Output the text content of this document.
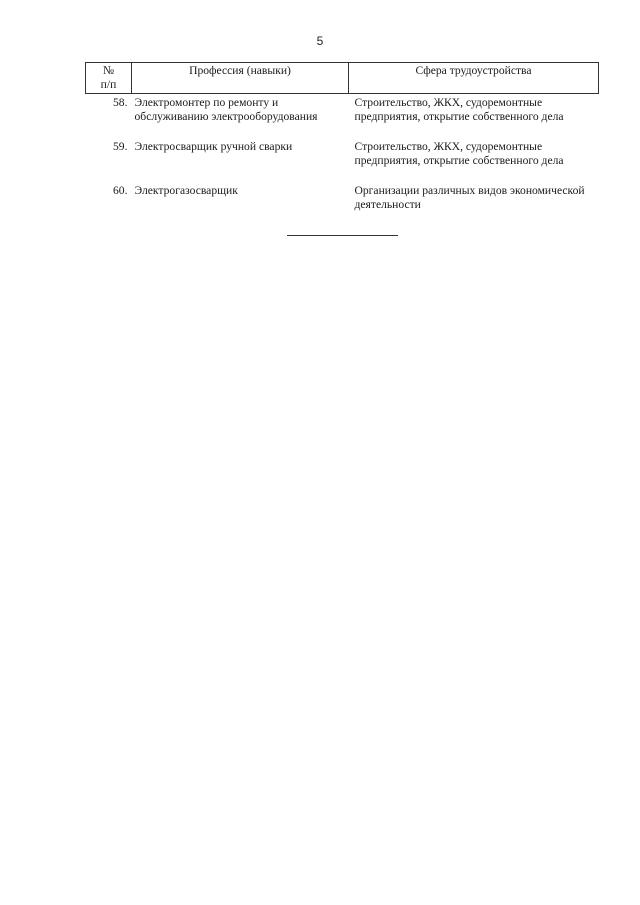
5
№
п/п	Профессия (навыки)	Сфера трудоустройства
58.	Электромонтер по ремонту и обслуживанию электрооборудования	Строительство, ЖКХ, судоремонтные предприятия, открытие собственного дела
59.	Электросварщик ручной сварки	Строительство, ЖКХ, судоремонтные предприятия, открытие собственного дела
60.	Электрогазосварщик	Организации различных видов экономической деятельности
